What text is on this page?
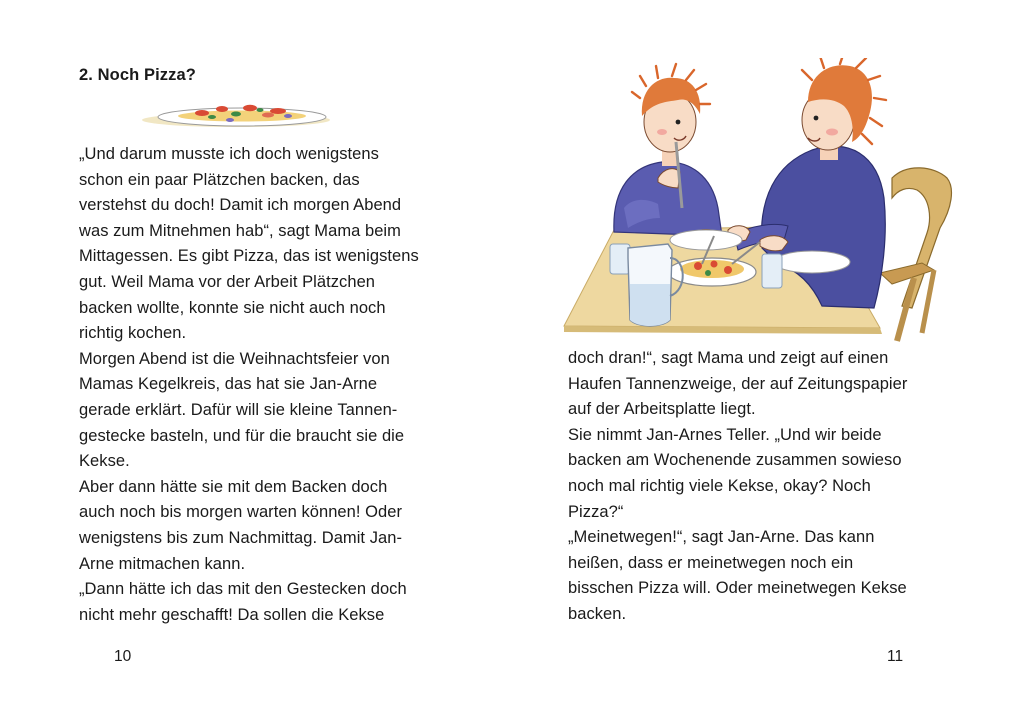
2. Noch Pizza?
„Und darum musste ich doch wenigstens
schon ein paar Plätzchen backen, das
verstehst du doch! Damit ich morgen Abend
was zum Mitnehmen hab“, sagt Mama beim
Mittagessen. Es gibt Pizza, das ist wenigstens
gut. Weil Mama vor der Arbeit Plätzchen
backen wollte, konnte sie nicht auch noch
richtig kochen.
Morgen Abend ist die Weihnachtsfeier von
Mamas Kegelkreis, das hat sie Jan-Arne
gerade erklärt. Dafür will sie kleine Tannen-
gestecke basteln, und für die braucht sie die
Kekse.
Aber dann hätte sie mit dem Backen doch
auch noch bis morgen warten können! Oder
wenigstens bis zum Nachmittag. Damit Jan-
Arne mitmachen kann.
„Dann hätte ich das mit den Gestecken doch
nicht mehr geschafft! Da sollen die Kekse
10
doch dran!“, sagt Mama und zeigt auf einen
Haufen Tannenzweige, der auf Zeitungspapier
auf der Arbeitsplatte liegt.
Sie nimmt Jan-Arnes Teller. „Und wir beide
backen am Wochenende zusammen sowieso
noch mal richtig viele Kekse, okay? Noch
Pizza?“
„Meinetwegen!“, sagt Jan-Arne. Das kann
heißen, dass er meinetwegen noch ein
bisschen Pizza will. Oder meinetwegen Kekse
backen.
11
